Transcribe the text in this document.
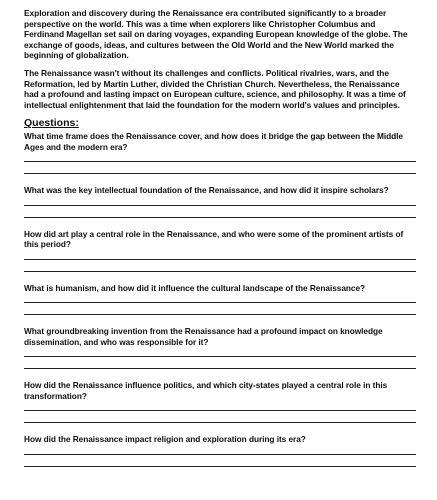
Exploration and discovery during the Renaissance era contributed significantly to a broader perspective on the world. This was a time when explorers like Christopher Columbus and Ferdinand Magellan set sail on daring voyages, expanding European knowledge of the globe. The exchange of goods, ideas, and cultures between the Old World and the New World marked the beginning of globalization.

The Renaissance wasn't without its challenges and conflicts. Political rivalries, wars, and the Reformation, led by Martin Luther, divided the Christian Church. Nevertheless, the Renaissance had a profound and lasting impact on European culture, science, and philosophy. It was a time of intellectual enlightenment that laid the foundation for the modern world's values and principles.

Questions:

What time frame does the Renaissance cover, and how does it bridge the gap between the Middle Ages and the modern era?

What was the key intellectual foundation of the Renaissance, and how did it inspire scholars?

How did art play a central role in the Renaissance, and who were some of the prominent artists of this period?

What is humanism, and how did it influence the cultural landscape of the Renaissance?

What groundbreaking invention from the Renaissance had a profound impact on knowledge dissemination, and who was responsible for it?

How did the Renaissance influence politics, and which city-states played a central role in this transformation?

How did the Renaissance impact religion and exploration during its era?
